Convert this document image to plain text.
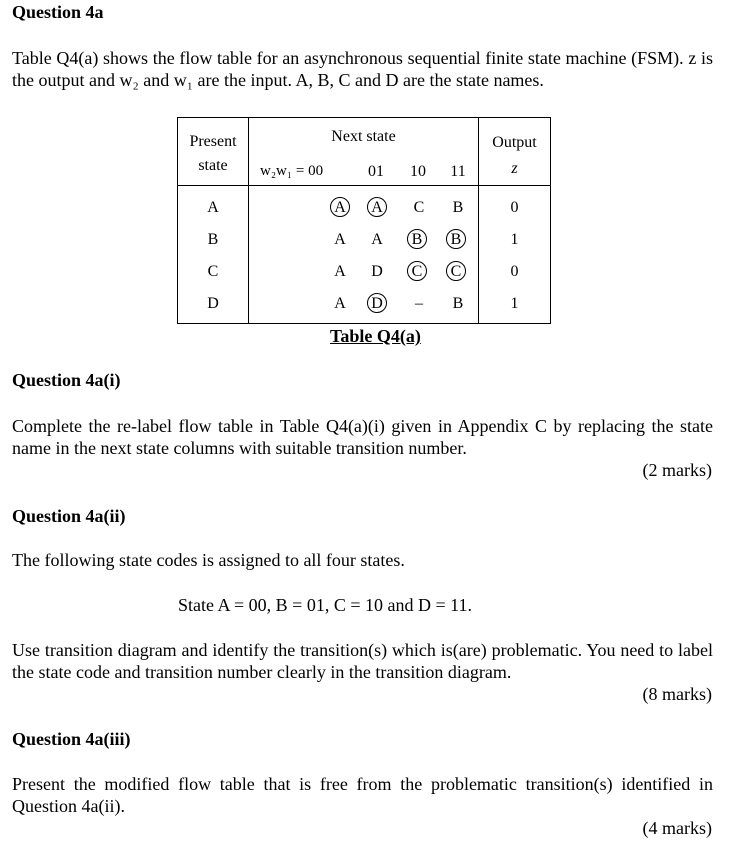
Question 4a
Table Q4(a) shows the flow table for an asynchronous sequential finite state machine (FSM). z is the output and w₂ and w₁ are the input. A, B, C and D are the state names.
Present
state
Next state	Output
z
w₂w₁ = 00	01	10	11
A	A A C B	0
B	A A B B	1
C	A D C C	0
D	A D	–	B	1
Table Q4(a)
Question 4a(i)
Complete the re-label flow table in Table Q4(a)(i) given in Appendix C by replacing the state name in the next state columns with suitable transition number.
(2 marks)
Question 4a(ii)
The following state codes is assigned to all four states.
State A = 00, B = 01, C = 10 and D = 11.
Use transition diagram and identify the transition(s) which is(are) problematic. You need to label the state code and transition number clearly in the transition diagram.
(8 marks)
Question 4a(iii)
Present the modified flow table that is free from the problematic transition(s) identified in Question 4a(ii).
(4 marks)
